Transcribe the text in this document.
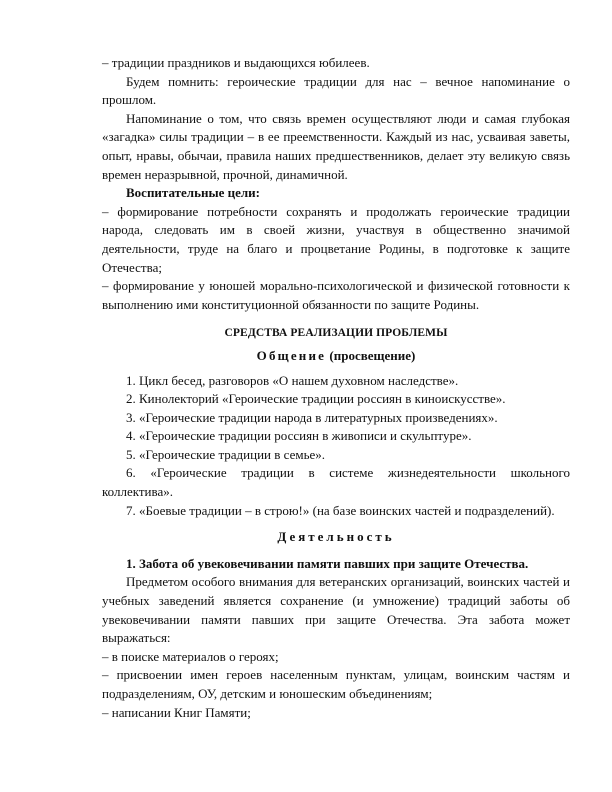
– традиции праздников и выдающихся юбилеев.

Будем помнить: героические традиции для нас – вечное напоминание о прошлом.

Напоминание о том, что связь времен осуществляют люди и самая глубокая «загадка» силы традиции – в ее преемственности. Каждый из нас, усваивая заветы, опыт, нравы, обычаи, правила наших предшественников, делает эту великую связь времен неразрывной, прочной, динамичной.

Воспитательные цели:

– формирование потребности сохранять и продолжать героические традиции народа, следовать им в своей жизни, участвуя в общественно значимой деятельности, труде на благо и процветание Родины, в подготовке к защите Отечества;

– формирование у юношей морально-психологической и физической готовности к выполнению ими конституционной обязанности по защите Родины.

СРЕДСТВА РЕАЛИЗАЦИИ ПРОБЛЕМЫ

Общение (просвещение)

1. Цикл бесед, разговоров «О нашем духовном наследстве».

2. Кинолекторий «Героические традиции россиян в киноискусстве».

3. «Героические традиции народа в литературных произведениях».

4. «Героические традиции россиян в живописи и скульптуре».

5. «Героические традиции в семье».

6. «Героические традиции в системе жизнедеятельности школьного коллектива».

7. «Боевые традиции – в строю!» (на базе воинских частей и подразделений).

Деятельность

1. Забота об увековечивании памяти павших при защите Отечества.

Предметом особого внимания для ветеранских организаций, воинских частей и учебных заведений является сохранение (и умножение) традиций заботы об увековечивании памяти павших при защите Отечества. Эта забота может выражаться:

– в поиске материалов о героях;

– присвоении имен героев населенным пунктам, улицам, воинским частям и подразделениям, ОУ, детским и юношеским объединениям;

– написании Книг Памяти;
